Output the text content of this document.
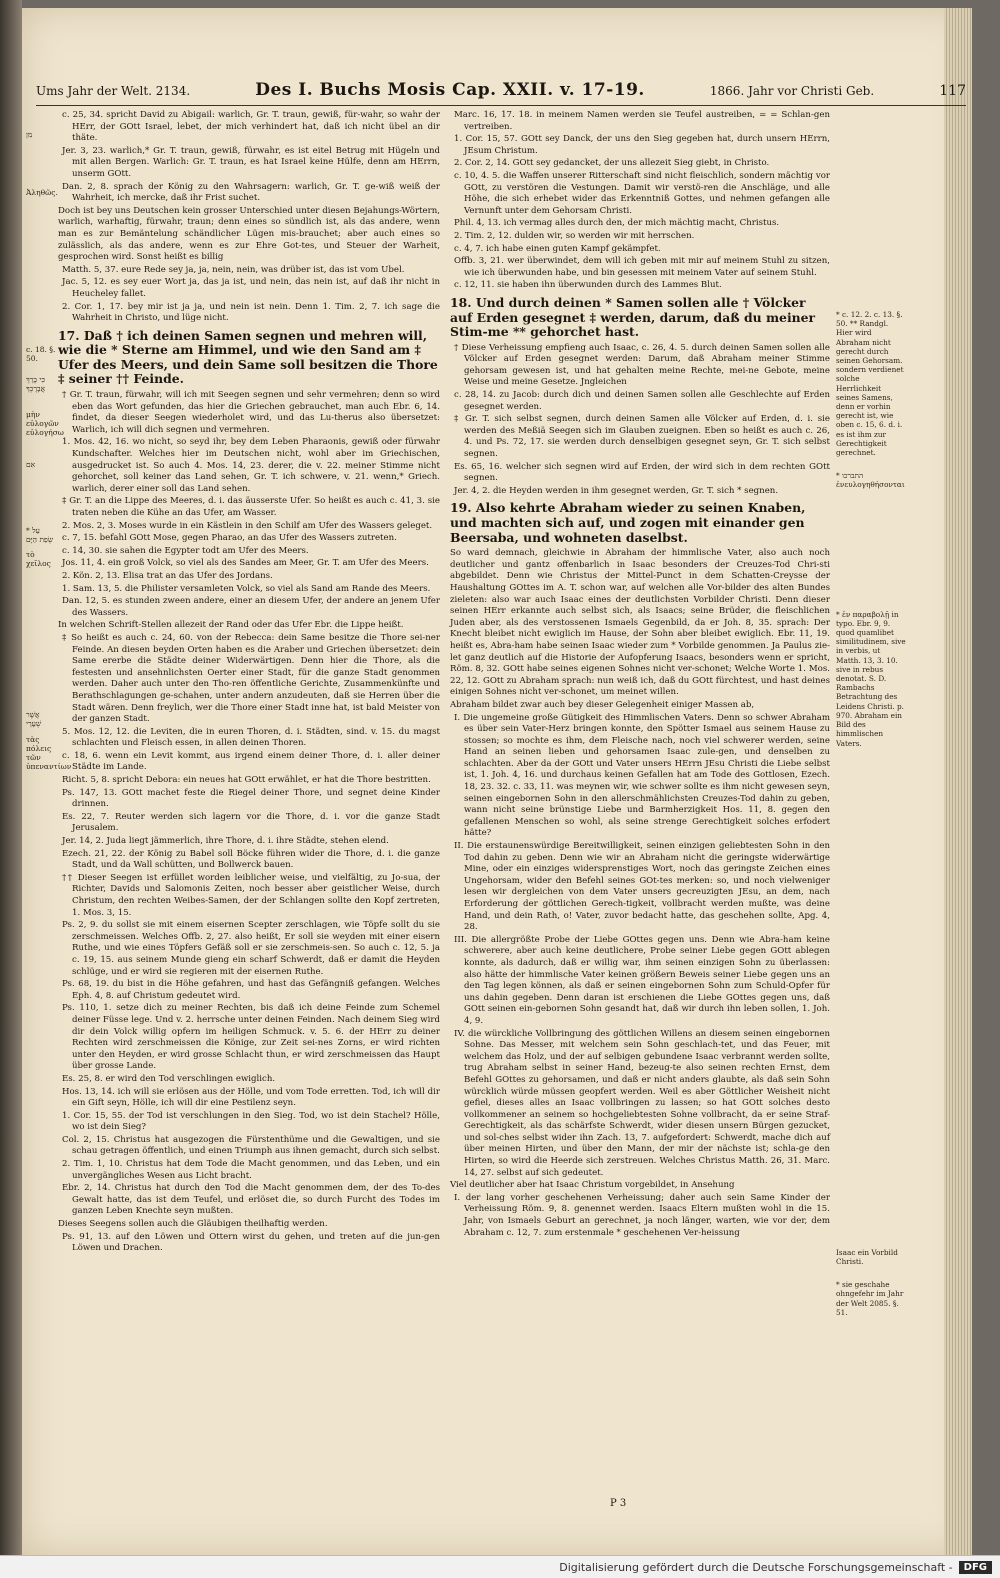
Ums Jahr der Welt. 2134.	Des I. Buchs Mosis Cap. XXII. v. 17-19.	1866. Jahr vor Christi Geb.	117
מִן
Ἀληθῶς.
c. 18. §. 50.
כִּי בָרֵךְ אֲבָרֶכְךָ
μὴν εὐλογῶν εὐλογήσω
אִם
* עַל שְׂפַת הַיָּם
τὸ χεῖλος
אֲשֶׁר שְׁעָרֵי
τὰς πόλεις τῶν ὑπεναντίων

c. 25, 34. spricht David zu Abigail: warlich, Gr. T. traun, gewiß, für-wahr, so wahr der HErr, der GOtt Israel, lebet, der mich verhindert hat, daß ich nicht übel an dir thäte.

Jer. 3, 23. warlich,* Gr. T. traun, gewiß, fürwahr, es ist eitel Betrug mit Hügeln und mit allen Bergen. Warlich: Gr. T. traun, es hat Israel keine Hülfe, denn am HErrn, unserm GOtt.

Dan. 2, 8. sprach der König zu den Wahrsagern: warlich, Gr. T. ge-wiß weiß der Wahrheit, ich mercke, daß ihr Frist suchet.

Doch ist bey uns Deutschen kein grosser Unterschied unter diesen Bejahungs-Wörtern, warlich, warhaftig, fürwahr, traun; denn eines so sündlich ist, als das andere, wenn man es zur Bemäntelung schändlicher Lügen mis-brauchet; aber auch eines so zulässlich, als das andere, wenn es zur Ehre Got-tes, und Steuer der Warheit, gesprochen wird. Sonst heißt es billig

Matth. 5, 37. eure Rede sey ja, ja, nein, nein, was drüber ist, das ist vom Ubel.

Jac. 5, 12. es sey euer Wort ja, das ja ist, und nein, das nein ist, auf daß ihr nicht in Heucheley fallet.

2. Cor. 1, 17. bey mir ist ja ja, und nein ist nein. Denn 1. Tim. 2, 7. ich sage die Wahrheit in Christo, und lüge nicht.

17. Daß † ich deinen Samen segnen und mehren will, wie die * Sterne am Himmel, und wie den Sand am ‡ Ufer des Meers, und dein Same soll besitzen die Thore ‡ seiner †† Feinde.

† Gr. T. traun, fürwahr, will ich mit Seegen segnen und sehr vermehren; denn so wird eben das Wort gefunden, das hier die Griechen gebrauchet, man auch Ebr. 6, 14. findet, da dieser Seegen wiederholet wird, und das Lu-therus also übersetzet: Warlich, ich will dich segnen und vermehren.

1. Mos. 42, 16. wo nicht, so seyd ihr, bey dem Leben Pharaonis, gewiß oder fürwahr Kundschafter. Welches hier im Deutschen nicht, wohl aber im Griechischen, ausgedrucket ist. So auch 4. Mos. 14, 23. derer, die v. 22. meiner Stimme nicht gehorchet, soll keiner das Land sehen, Gr. T. ich schwere, v. 21. wenn,* Griech. warlich, derer einer soll das Land sehen.

‡ Gr. T. an die Lippe des Meeres, d. i. das äusserste Ufer. So heißt es auch c. 41, 3. sie traten neben die Kühe an das Ufer, am Wasser.

2. Mos. 2, 3. Moses wurde in ein Kästlein in den Schilf am Ufer des Wassers geleget.

c. 7, 15. befahl GOtt Mose, gegen Pharao, an das Ufer des Wassers zutreten.

c. 14, 30. sie sahen die Egypter todt am Ufer des Meers.

Jos. 11, 4. ein groß Volck, so viel als des Sandes am Meer, Gr. T. am Ufer des Meers.

2. Kön. 2, 13. Elisa trat an das Ufer des Jordans.

1. Sam. 13, 5. die Philister versamleten Volck, so viel als Sand am Rande des Meers.

Dan. 12, 5. es stunden zween andere, einer an diesem Ufer, der andere an jenem Ufer des Wassers.

In welchen Schrift-Stellen allezeit der Rand oder das Ufer Ebr. die Lippe heißt.

‡ So heißt es auch c. 24, 60. von der Rebecca: dein Same besitze die Thore sei-ner Feinde. An diesen beyden Orten haben es die Araber und Griechen übersetzet: dein Same ererbe die Städte deiner Widerwärtigen. Denn hier die Thore, als die festesten und ansehnlichsten Oerter einer Stadt, für die ganze Stadt genommen werden. Daher auch unter den Tho-ren öffentliche Gerichte, Zusammenkünfte und Berathschlagungen ge-schahen, unter andern anzudeuten, daß sie Herren über die Stadt wären. Denn freylich, wer die Thore einer Stadt inne hat, ist bald Meister von der ganzen Stadt.

5. Mos. 12, 12. die Leviten, die in euren Thoren, d. i. Städten, sind. v. 15. du magst schlachten und Fleisch essen, in allen deinen Thoren.

c. 18, 6. wenn ein Levit kommt, aus irgend einem deiner Thore, d. i. aller deiner Städte im Lande.

Richt. 5, 8. spricht Debora: ein neues hat GOtt erwählet, er hat die Thore bestritten.

Ps. 147, 13. GOtt machet feste die Riegel deiner Thore, und segnet deine Kinder drinnen.

Es. 22, 7. Reuter werden sich lagern vor die Thore, d. i. vor die ganze Stadt Jerusalem.

Jer. 14, 2. Juda liegt jämmerlich, ihre Thore, d. i. ihre Städte, stehen elend.

Ezech. 21, 22. der König zu Babel soll Böcke führen wider die Thore, d. i. die ganze Stadt, und da Wall schütten, und Bollwerck bauen.

†† Dieser Seegen ist erfüllet worden leiblicher weise, und vielfältig, zu Jo-sua, der Richter, Davids und Salomonis Zeiten, noch besser aber geistlicher Weise, durch Christum, den rechten Weibes-Samen, der der Schlangen sollte den Kopf zertreten, 1. Mos. 3, 15.

Ps. 2, 9. du sollst sie mit einem eisernen Scepter zerschlagen, wie Töpfe sollt du sie zerschmeissen. Welches Offb. 2, 27. also heißt, Er soll sie weyden mit einer eisern Ruthe, und wie eines Töpfers Gefäß soll er sie zerschmeis-sen. So auch c. 12, 5. ja c. 19, 15. aus seinem Munde gieng ein scharf Schwerdt, daß er damit die Heyden schlüge, und er wird sie regieren mit der eisernen Ruthe.

Ps. 68, 19. du bist in die Höhe gefahren, und hast das Gefängniß gefangen. Welches Eph. 4, 8. auf Christum gedeutet wird.

Ps. 110, 1. setze dich zu meiner Rechten, bis daß ich deine Feinde zum Schemel deiner Füsse lege. Und v. 2. herrsche unter deinen Feinden. Nach deinem Sieg wird dir dein Volck willig opfern im heiligen Schmuck. v. 5. 6. der HErr zu deiner Rechten wird zerschmeissen die Könige, zur Zeit sei-nes Zorns, er wird richten unter den Heyden, er wird grosse Schlacht thun, er wird zerschmeissen das Haupt über grosse Lande.

Es. 25, 8. er wird den Tod verschlingen ewiglich.

Hos. 13, 14. ich will sie erlösen aus der Hölle, und vom Tode erretten. Tod, ich will dir ein Gift seyn, Hölle, ich will dir eine Pestilenz seyn.

1. Cor. 15, 55. der Tod ist verschlungen in den Sieg. Tod, wo ist dein Stachel? Hölle, wo ist dein Sieg?

Col. 2, 15. Christus hat ausgezogen die Fürstenthüme und die Gewaltigen, und sie schau getragen öffentlich, und einen Triumph aus ihnen gemacht, durch sich selbst.

2. Tim. 1, 10. Christus hat dem Tode die Macht genommen, und das Leben, und ein unvergängliches Wesen aus Licht bracht.

Ebr. 2, 14. Christus hat durch den Tod die Macht genommen dem, der des To-des Gewalt hatte, das ist dem Teufel, und erlöset die, so durch Furcht des Todes im ganzen Leben Knechte seyn mußten.

Dieses Seegens sollen auch die Gläubigen theilhaftig werden.

Ps. 91, 13. auf den Löwen und Ottern wirst du gehen, und treten auf die jun-gen Löwen und Drachen.

Marc. 16, 17. 18. in meinem Namen werden sie Teufel austreiben, = = Schlan-gen vertreiben.

1. Cor. 15, 57. GOtt sey Danck, der uns den Sieg gegeben hat, durch unsern HErrn, JEsum Christum.

2. Cor. 2, 14. GOtt sey gedancket, der uns allezeit Sieg giebt, in Christo.

c. 10, 4. 5. die Waffen unserer Ritterschaft sind nicht fleischlich, sondern mächtig vor GOtt, zu verstören die Vestungen. Damit wir verstö-ren die Anschläge, und alle Höhe, die sich erhebet wider das Erkenntniß Gottes, und nehmen gefangen alle Vernunft unter dem Gehorsam Christi.

Phil. 4, 13. ich vermag alles durch den, der mich mächtig macht, Christus.

2. Tim. 2, 12. dulden wir, so werden wir mit herrschen.

c. 4, 7. ich habe einen guten Kampf gekämpfet.

Offb. 3, 21. wer überwindet, dem will ich geben mit mir auf meinem Stuhl zu sitzen, wie ich überwunden habe, und bin gesessen mit meinem Vater auf seinem Stuhl.

c. 12, 11. sie haben ihn überwunden durch des Lammes Blut.

18. Und durch deinen * Samen sollen alle † Völcker auf Erden gesegnet ‡ werden, darum, daß du meiner Stim-me ** gehorchet hast.

† Diese Verheissung empfieng auch Isaac, c. 26, 4. 5. durch deinen Samen sollen alle Völcker auf Erden gesegnet werden: Darum, daß Abraham meiner Stimme gehorsam gewesen ist, und hat gehalten meine Rechte, mei-ne Gebote, meine Weise und meine Gesetze. Jngleichen

c. 28, 14. zu Jacob: durch dich und deinen Samen sollen alle Geschlechte auf Erden gesegnet werden.

‡ Gr. T. sich selbst segnen, durch deinen Samen alle Völcker auf Erden, d. i. sie werden des Meßiä Seegen sich im Glauben zueignen. Eben so heißt es auch c. 26, 4. und Ps. 72, 17. sie werden durch denselbigen gesegnet seyn, Gr. T. sich selbst segnen.

Es. 65, 16. welcher sich segnen wird auf Erden, der wird sich in dem rechten GOtt segnen.

Jer. 4, 2. die Heyden werden in ihm gesegnet werden, Gr. T. sich * segnen.

19. Also kehrte Abraham wieder zu seinen Knaben, und machten sich auf, und zogen mit einander gen Beersaba, und wohneten daselbst.

So ward demnach, gleichwie in Abraham der himmlische Vater, also auch noch deutlicher und gantz offenbarlich in Isaac besonders der Creuzes-Tod Chri-sti abgebildet. Denn wie Christus der Mittel-Punct in dem Schatten-Creysse der Haushaltung GOttes im A. T. schon war, auf welchen alle Vor-bilder des alten Bundes zieleten: also war auch Isaac eines der deutlichsten Vorbilder Christi. Denn dieser seinen HErr erkannte auch selbst sich, als Isaacs; seine Brüder, die fleischlichen Juden aber, als des verstossenen Ismaels Gegenbild, da er Joh. 8, 35. sprach: Der Knecht bleibet nicht ewiglich im Hause, der Sohn aber bleibet ewiglich. Ebr. 11, 19. heißt es, Abra-ham habe seinen Isaac wieder zum * Vorbilde genommen. Ja Paulus zie-let ganz deutlich auf die Historie der Aufopferung Isaacs, besonders wenn er spricht, Röm. 8, 32. GOtt habe seines eigenen Sohnes nicht ver-schonet; Welche Worte 1. Mos. 22, 12. GOtt zu Abraham sprach: nun weiß ich, daß du GOtt fürchtest, und hast deines einigen Sohnes nicht ver-schonet, um meinet willen.

Abraham bildet zwar auch bey dieser Gelegenheit einiger Massen ab,

I. Die ungemeine große Gütigkeit des Himmlischen Vaters. Denn so schwer Abraham es über sein Vater-Herz bringen konnte, den Spötter Ismael aus seinem Hause zu stossen; so mochte es ihm, dem Fleische nach, noch viel schwerer werden, seine Hand an seinen lieben und gehorsamen Isaac zule-gen, und denselben zu schlachten. Aber da der GOtt und Vater unsers HErrn JEsu Christi die Liebe selbst ist, 1. Joh. 4, 16. und durchaus keinen Gefallen hat am Tode des Gottlosen, Ezech. 18, 23. 32. c. 33, 11. was meynen wir, wie schwer sollte es ihm nicht gewesen seyn, seinen eingebornen Sohn in den allerschmählichsten Creuzes-Tod dahin zu geben, wann nicht seine brünstige Liebe und Barmherzigkeit Hos. 11, 8. gegen den gefallenen Menschen so wohl, als seine strenge Gerechtigkeit solches erfodert hätte?

II. Die erstaunenswürdige Bereitwilligkeit, seinen einzigen geliebtesten Sohn in den Tod dahin zu geben. Denn wie wir an Abraham nicht die geringste widerwärtige Mine, oder ein einziges widersprenstiges Wort, noch das geringste Zeichen eines Ungehorsam, wider den Befehl seines GOt-tes merken: so, und noch vielweniger lesen wir dergleichen von dem Vater unsers gecreuzigten JEsu, an dem, nach Erforderung der göttlichen Gerech-tigkeit, vollbracht werden mußte, was deine Hand, und dein Rath, o! Vater, zuvor bedacht hatte, das geschehen sollte, Apg. 4, 28.

III. Die allergrößte Probe der Liebe GOttes gegen uns. Denn wie Abra-ham keine schwerere, aber auch keine deutlichere, Probe seiner Liebe gegen GOtt ablegen konnte, als dadurch, daß er willig war, ihm seinen einzigen Sohn zu überlassen: also hätte der himmlische Vater keinen größern Beweis seiner Liebe gegen uns an den Tag legen können, als daß er seinen eingebornen Sohn zum Schuld-Opfer für uns dahin gegeben. Denn daran ist erschienen die Liebe GOttes gegen uns, daß GOtt seinen ein-gebornen Sohn gesandt hat, daß wir durch ihn leben sollen, 1. Joh. 4, 9.

IV. die würckliche Vollbringung des göttlichen Willens an diesem seinen eingebornen Sohne. Das Messer, mit welchem sein Sohn geschlach-tet, und das Feuer, mit welchem das Holz, und der auf selbigen gebundene Isaac verbrannt werden sollte, trug Abraham selbst in seiner Hand, bezeug-te also seinen rechten Ernst, dem Befehl GOttes zu gehorsamen, und daß er nicht anders glaubte, als daß sein Sohn würcklich würde müssen geopfert werden. Weil es aber Göttlicher Weisheit nicht gefiel, dieses alles an Isaac vollbringen zu lassen; so hat GOtt solches desto vollkommener an seinem so hochgeliebtesten Sohne vollbracht, da er seine Straf-Gerechtigkeit, als das schärfste Schwerdt, wider diesen unsern Bürgen gezucket, und sol-ches selbst wider ihn Zach. 13, 7. aufgefordert: Schwerdt, mache dich auf über meinen Hirten, und über den Mann, der mir der nächste ist; schla-ge den Hirten, so wird die Heerde sich zerstreuen. Welches Christus Matth. 26, 31. Marc. 14, 27. selbst auf sich gedeutet.

Viel deutlicher aber hat Isaac Christum vorgebildet, in Ansehung

I. der lang vorher geschehenen Verheissung; daher auch sein Same Kinder der Verheissung Röm. 9, 8. genennet werden. Isaacs Eltern mußten wohl in die 15. Jahr, von Ismaels Geburt an gerechnet, ja noch länger, warten, wie vor der, dem Abraham c. 12, 7. zum erstenmale * geschehenen Ver-heissung

* c. 12. 2. c. 13. §. 50. ** Randgl. Hier wird Abraham nicht gerecht durch seinen Gehorsam. sondern verdienet solche Herrlichkeit seines Samens, denn er vorhin gerecht ist, wie oben c. 15, 6. d. i. es ist ihm zur Gerechtigkeit gerechnet.
* התברכו ἐνευλογηθήσονται
* ἐν παραβολῇ in typo. Ebr. 9, 9. quod quamlibet similitudinem, sive in verbis, ut Matth. 13, 3. 10. sive in rebus denotat. S. D. Rambachs Betrachtung des Leidens Christi. p. 970. Abraham ein Bild des himmlischen Vaters.
Isaac ein Vorbild Christi.
* sie geschahe ohngefehr im Jahr der Welt 2085. §. 51.
P 3
Digitalisierung gefördert durch die Deutsche Forschungsgemeinschaft -	DFG
